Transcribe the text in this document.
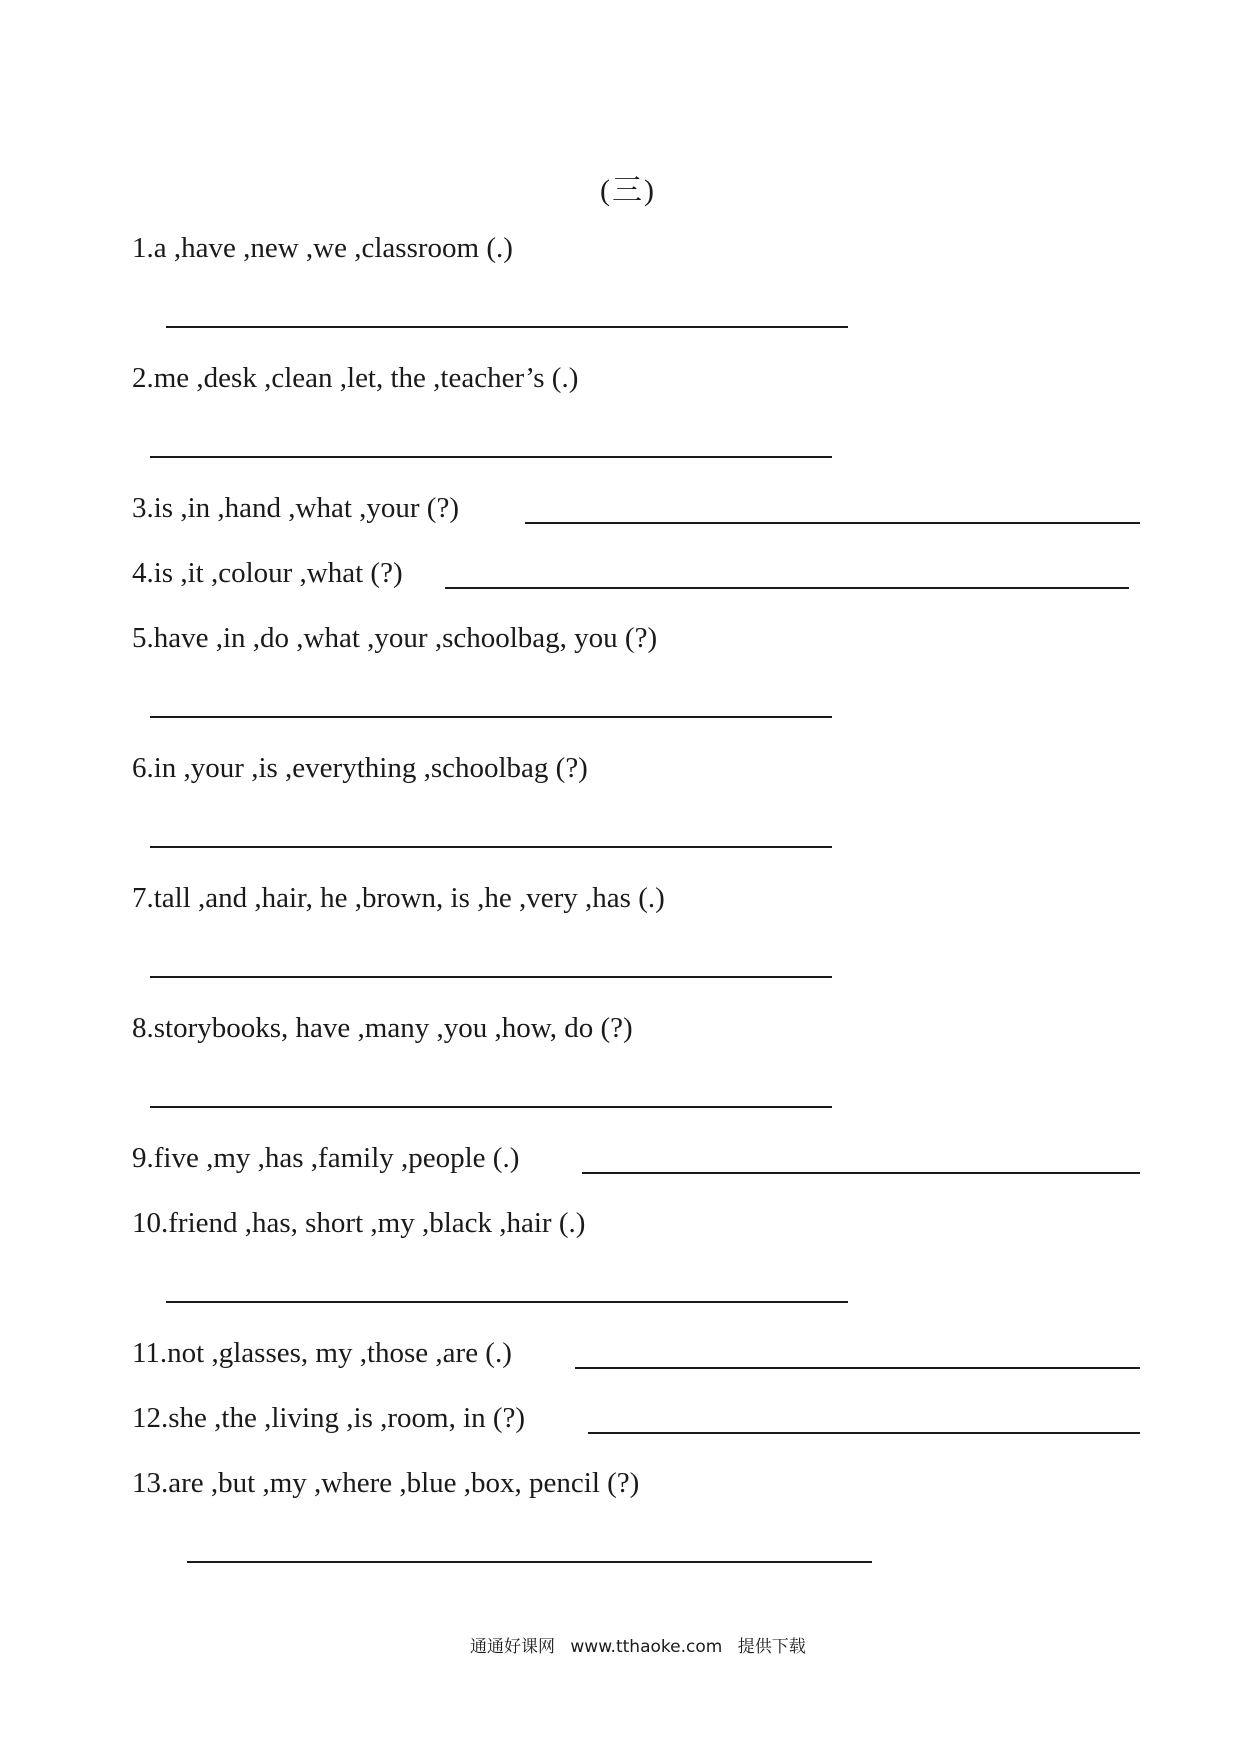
(三)
1.a ,have ,new ,we ,classroom (.)
2.me ,desk ,clean ,let, the ,teacher’s (.)
3.is ,in ,hand ,what ,your (?)
4.is ,it ,colour ,what (?)
5.have ,in ,do ,what ,your ,schoolbag, you (?)
6.in ,your ,is ,everything ,schoolbag (?)
7.tall ,and ,hair, he ,brown, is ,he ,very ,has (.)
8.storybooks, have ,many ,you ,how, do (?)
9.five ,my ,has ,family ,people (.)
10.friend ,has, short ,my ,black ,hair (.)
11.not ,glasses, my ,those ,are (.)
12.she ,the ,living ,is ,room, in (?)
13.are ,but ,my ,where ,blue ,box, pencil (?)
通通好课网 www.tthaoke.com 提供下载
